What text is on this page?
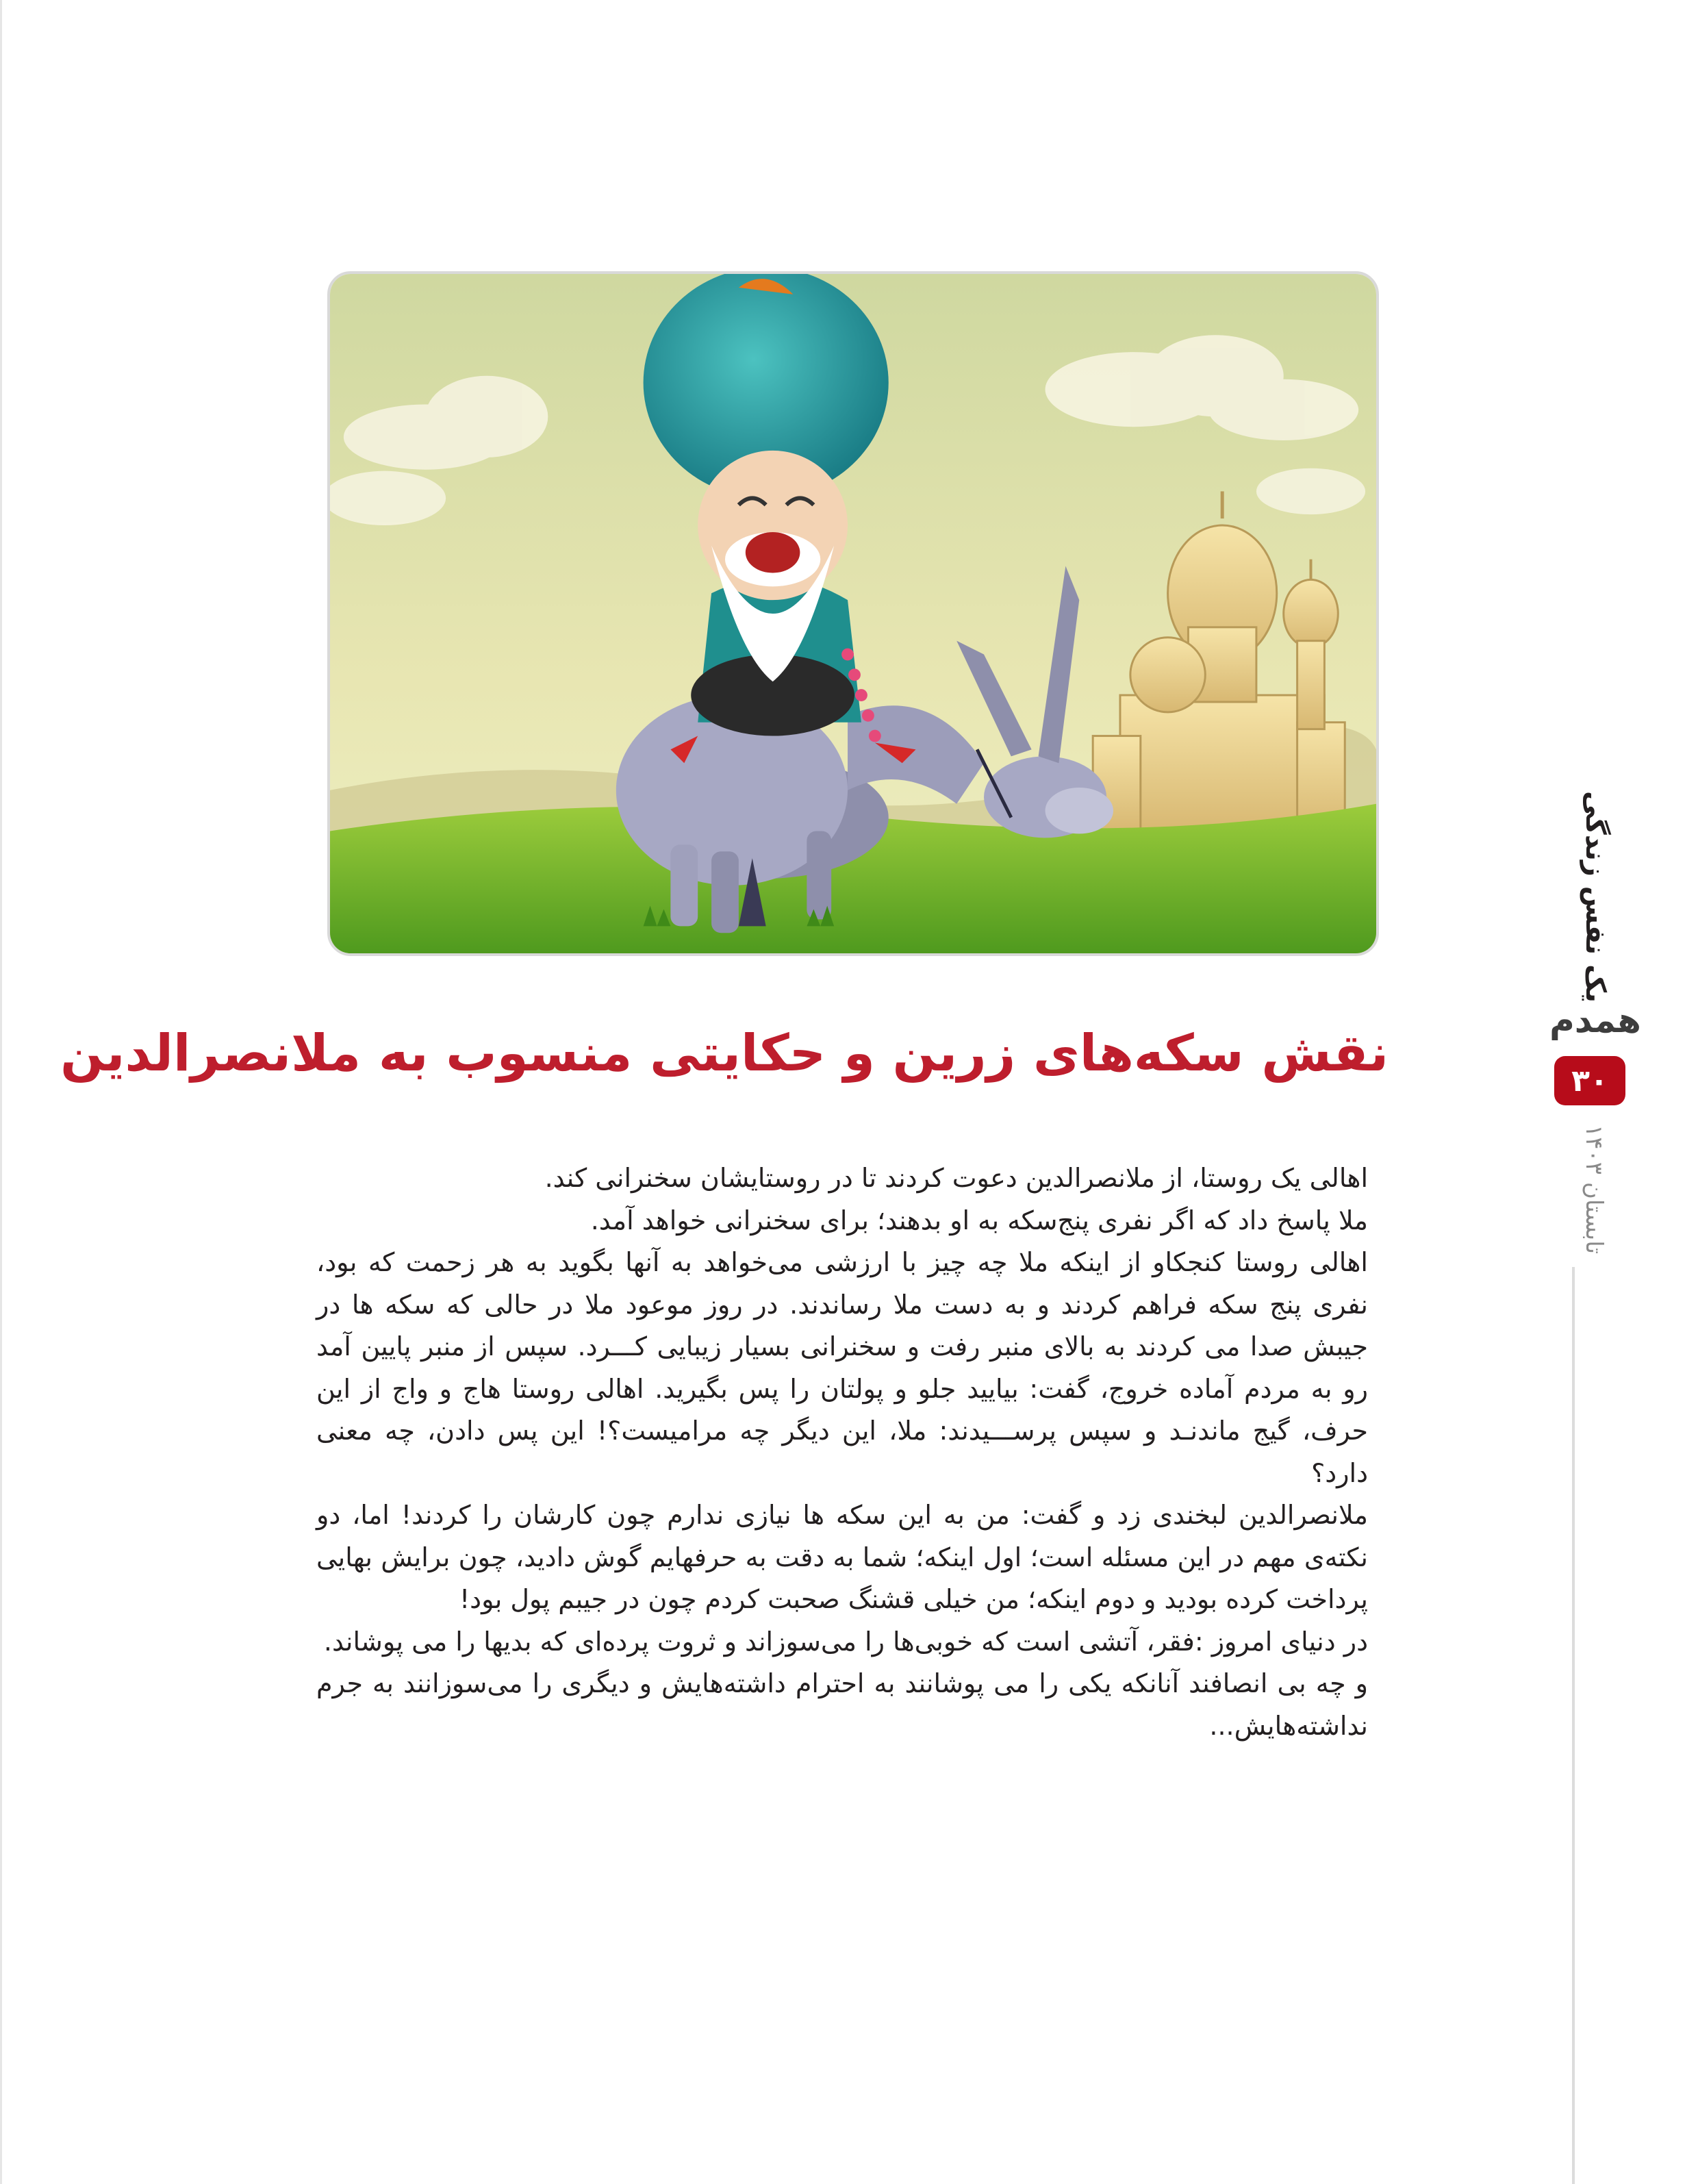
نقش سکه‌های زرین و حکایتی منسوب به ملانصرالدین

اهالی یک روستا، از ملانصرالدین دعوت کردند تا در روستایشان سخنرانی کند.

ملا پاسخ داد که اگر نفری پنج‌سکه به او بدهند؛ برای سخنرانی خواهد آمد.

اهالی روستا کنجکاو از اینکه ملا چه چیز با ارزشی می‌خواهد به آنها بگوید به هر زحمت که بود، نفری پنج سکه فراهم کردند و به دست ملا رساندند. در روز موعود ملا در حالی که سکه ها در جیبش صدا می کردند به بالای منبر رفت و سخنرانی بسیار زیبایی کـــرد. سپس از منبر پایین آمد رو به مردم آماده خروج، گفت: بیایید جلو و پولتان را پس بگیرید. اهالی روستا هاج و واج از این حرف، گیج ماندنـد و سپس پرســـیدند: ملا، این دیگر چه مرامیست؟! این پس دادن، چه معنی دارد؟

ملانصرالدین لبخندی زد و گفت: من به این سکه ها نیازی ندارم چون کارشان را کردند! اما، دو نکته‌ی مهم در این مسئله است؛ اول اینکه؛ شما به دقت به حرفهایم گوش دادید، چون برایش بهایی پرداخت کرده بودید و دوم اینکه؛ من خیلی قشنگ صحبت کردم چون در جیبم پول بود!

در دنیای امروز :فقر، آتشی است که خوبی‌ها را می‌سوزاند و ثروت پرده‌ای که بدیها را می پوشاند.

و چه بی انصافند آنانکه یکی را می پوشانند به احترام داشته‌هایش و دیگری را می‌سوزانند به جرم نداشته‌هایش...

یک نفس زندگی
همدم
۳۰
تابستان ۱۴۰۳
